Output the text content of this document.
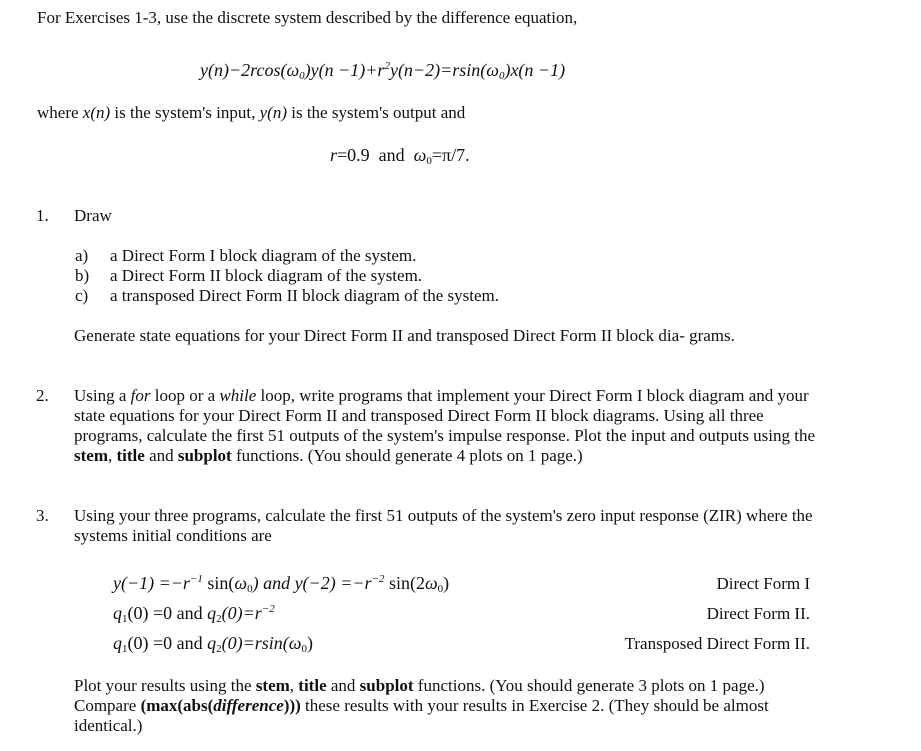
For Exercises 1-3, use the discrete system described by the difference equation,
$y(n)-2rcos(\omega_0)y(n -1)+r^2y(n-2)=rsin(\omega_0)x(n -1)$
where x(n) is the system's input, y(n) is the system's output and
r=0.9 and $\omega_0=\pi/7$.
1. Draw
a) a Direct Form I block diagram of the system.
b) a Direct Form II block diagram of the system.
c) a transposed Direct Form II block diagram of the system.
Generate state equations for your Direct Form II and transposed Direct Form II block dia- grams.
2. Using a for loop or a while loop, write programs that implement your Direct Form I block diagram and your state equations for your Direct Form II and transposed Direct Form II block diagrams. Using all three programs, calculate the first 51 outputs of the system's impulse response. Plot the input and outputs using the stem, title and subplot functions. (You should generate 4 plots on 1 page.)
3. Using your three programs, calculate the first 51 outputs of the system's zero input response (ZIR) where the systems initial conditions are
$y(-1) =-r^{-1}$ $\sin(\omega_0)$ and $y(-2) =-r^{-2}$ $\sin(2\omega_0)$	Direct Form I
$q_1(0) =0$ and $q_2(0)=r^{-2}$	Direct Form II.
$q_1(0) =0$ and $q_2(0)=rsin(\omega_0)$	Transposed Direct Form II.
Plot your results using the stem, title and subplot functions. (You should generate 3 plots on 1 page.) Compare (max(abs(difference))) these results with your results in Exercise 2. (They should be almost identical.)
